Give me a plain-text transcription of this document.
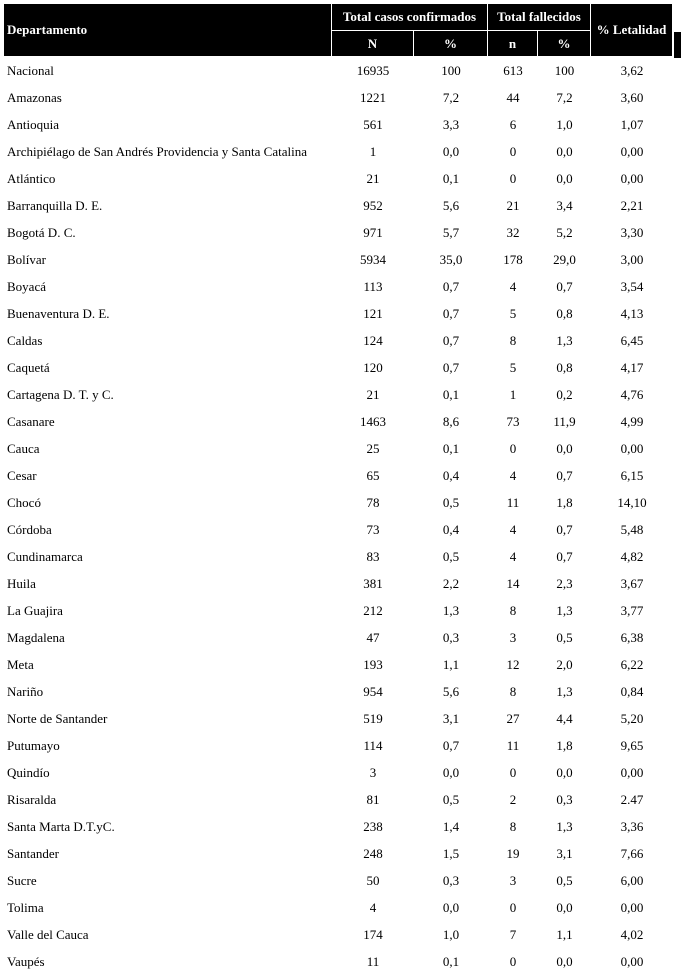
Departamento	Total casos confirmados		Total fallecidos		% Letalidad
	N	%	n	%	
Nacional	16935	100	613	100	3,62
Amazonas	1221	7,2	44	7,2	3,60
Antioquia	561	3,3	6	1,0	1,07
Archipiélago de San Andrés Providencia y Santa Catalina	1	0,0	0	0,0	0,00
Atlántico	21	0,1	0	0,0	0,00
Barranquilla D. E.	952	5,6	21	3,4	2,21
Bogotá D. C.	971	5,7	32	5,2	3,30
Bolívar	5934	35,0	178	29,0	3,00
Boyacá	113	0,7	4	0,7	3,54
Buenaventura D. E.	121	0,7	5	0,8	4,13
Caldas	124	0,7	8	1,3	6,45
Caquetá	120	0,7	5	0,8	4,17
Cartagena D. T. y C.	21	0,1	1	0,2	4,76
Casanare	1463	8,6	73	11,9	4,99
Cauca	25	0,1	0	0,0	0,00
Cesar	65	0,4	4	0,7	6,15
Chocó	78	0,5	11	1,8	14,10
Córdoba	73	0,4	4	0,7	5,48
Cundinamarca	83	0,5	4	0,7	4,82
Huila	381	2,2	14	2,3	3,67
La Guajira	212	1,3	8	1,3	3,77
Magdalena	47	0,3	3	0,5	6,38
Meta	193	1,1	12	2,0	6,22
Nariño	954	5,6	8	1,3	0,84
Norte de Santander	519	3,1	27	4,4	5,20
Putumayo	114	0,7	11	1,8	9,65
Quindío	3	0,0	0	0,0	0,00
Risaralda	81	0,5	2	0,3	2.47
Santa Marta D.T.yC.	238	1,4	8	1,3	3,36
Santander	248	1,5	19	3,1	7,66
Sucre	50	0,3	3	0,5	6,00
Tolima	4	0,0	0	0,0	0,00
Valle del Cauca	174	1,0	7	1,1	4,02
Vaupés	11	0,1	0	0,0	0,00
